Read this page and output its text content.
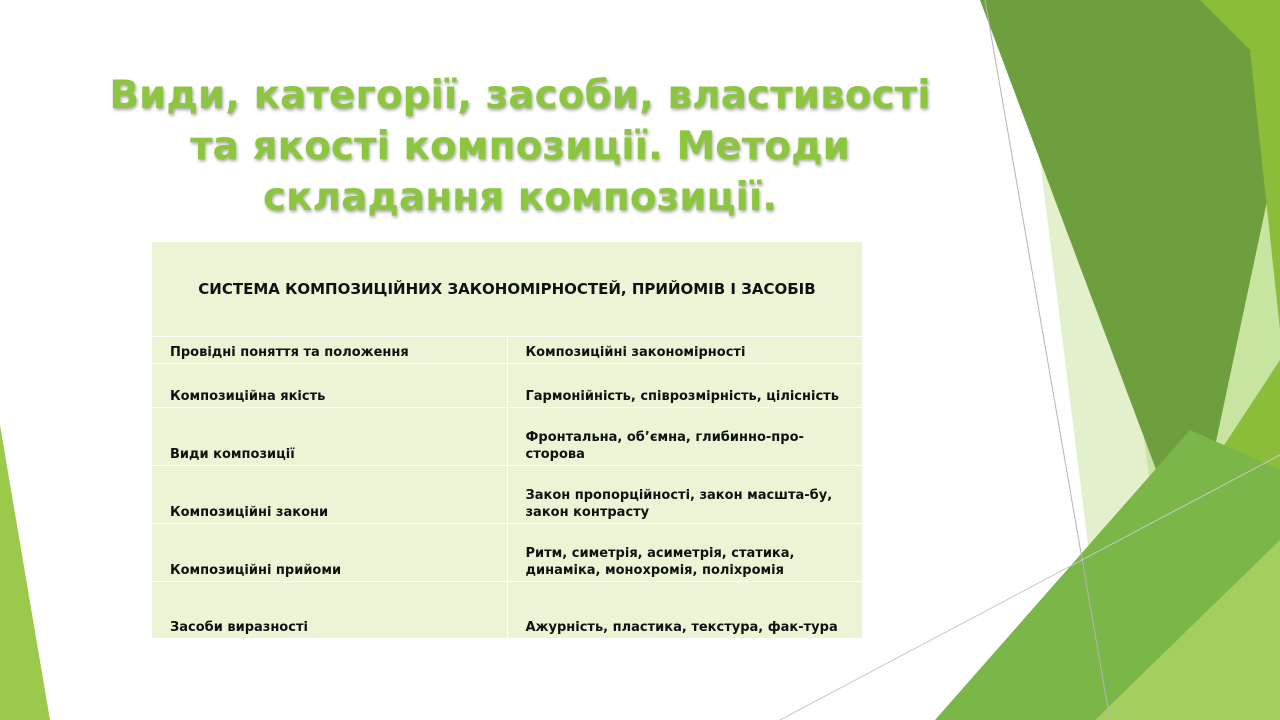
Види, категорії, засоби, властивості та якості композиції. Методи складання композиції.
СИСТЕМА КОМПОЗИЦІЙНИХ ЗАКОНОМІРНОСТЕЙ, ПРИЙОМІВ І ЗАСОБІВ	
Провідні поняття та положення	Композиційні закономірності

Композиційна якість	Гармонійність, співрозмірність, цілісність

Види композиції	Фронтальна, об’ємна, глибинно-про-сторова

Композиційні закони	Закон пропорційності, закон масшта-бу, закон контрасту

Композиційні прийоми	Ритм, симетрія, асиметрія, статика, динаміка, монохромія, поліхромія

Засоби виразності	Ажурність, пластика, текстура, фак-тура
